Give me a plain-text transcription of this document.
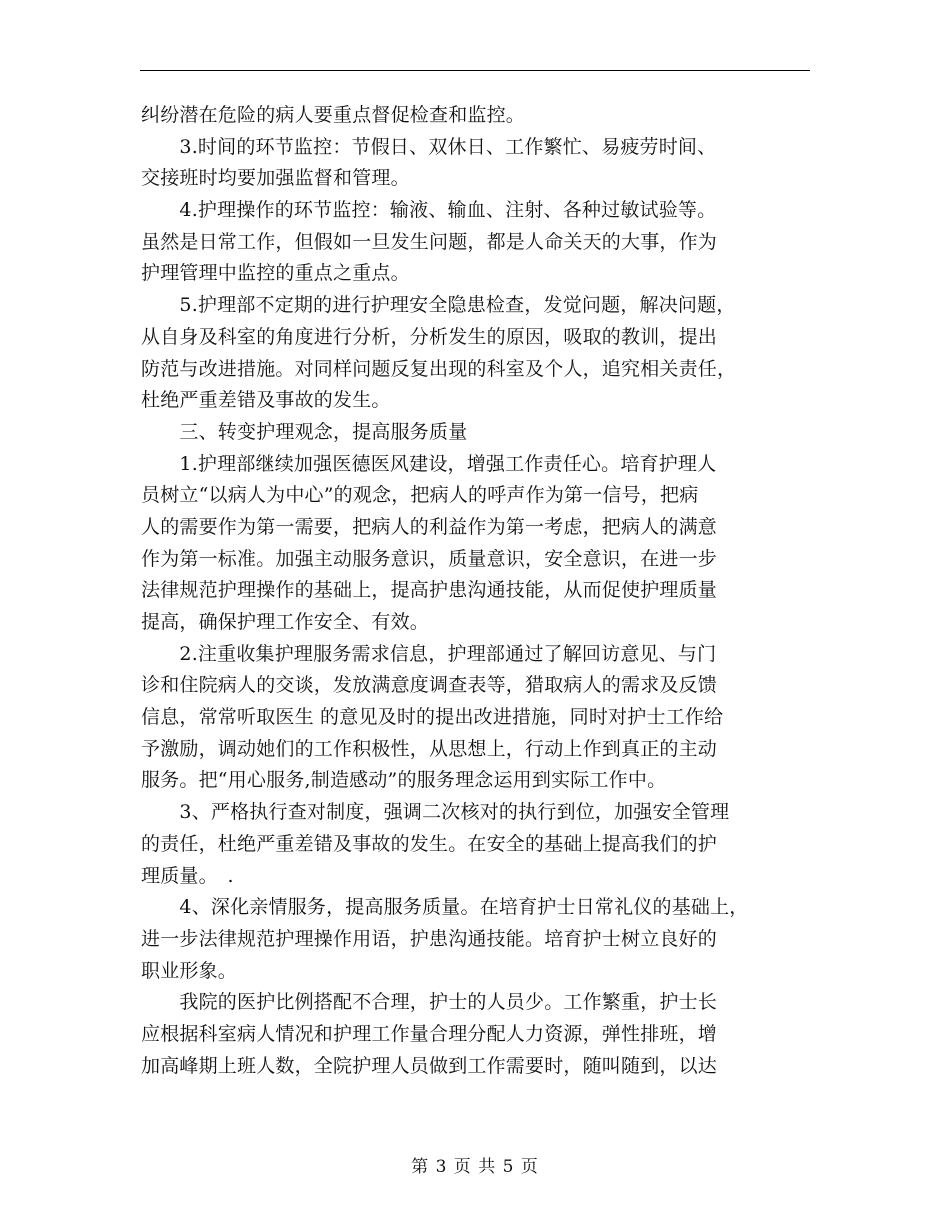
纠纷潜在危险的病人要重点督促检查和监控。
　　3.时间的环节监控：节假日、双休日、工作繁忙、易疲劳时间、
交接班时均要加强监督和管理。
　　4.护理操作的环节监控：输液、输血、注射、各种过敏试验等。
虽然是日常工作，但假如一旦发生问题，都是人命关天的大事，作为
护理管理中监控的重点之重点。
　　5.护理部不定期的进行护理安全隐患检查，发觉问题，解决问题，
从自身及科室的角度进行分析，分析发生的原因，吸取的教训，提出
防范与改进措施。对同样问题反复出现的科室及个人，追究相关责任，
杜绝严重差错及事故的发生。
　　三、转变护理观念，提高服务质量
　　1.护理部继续加强医德医风建设，增强工作责任心。培育护理人
员树立“以病人为中心”的观念，把病人的呼声作为第一信号，把病
人的需要作为第一需要，把病人的利益作为第一考虑，把病人的满意
作为第一标准。加强主动服务意识，质量意识，安全意识，在进一步
法律规范护理操作的基础上，提高护患沟通技能，从而促使护理质量
提高，确保护理工作安全、有效。
　　2.注重收集护理服务需求信息，护理部通过了解回访意见、与门
诊和住院病人的交谈，发放满意度调查表等，猎取病人的需求及反馈
信息，常常听取医生 的意见及时的提出改进措施，同时对护士工作给
予激励，调动她们的工作积极性，从思想上，行动上作到真正的主动
服务。把“用心服务,制造感动”的服务理念运用到实际工作中。
　　3、严格执行查对制度，强调二次核对的执行到位，加强安全管理
的责任，杜绝严重差错及事故的发生。在安全的基础上提高我们的护
理质量。　.
　　4、深化亲情服务，提高服务质量。在培育护士日常礼仪的基础上，
进一步法律规范护理操作用语，护患沟通技能。培育护士树立良好的
职业形象。
　　我院的医护比例搭配不合理，护士的人员少。工作繁重，护士长
应根据科室病人情况和护理工作量合理分配人力资源，弹性排班，增
加高峰期上班人数，全院护理人员做到工作需要时，随叫随到，以达
第 3 页 共 5 页
